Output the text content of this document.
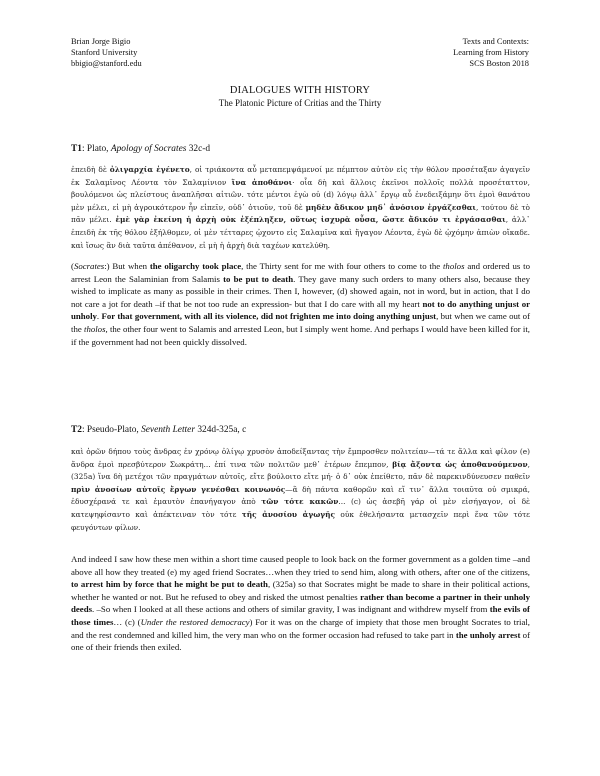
Brian Jorge Bigio
Stanford University
bbigio@stanford.edu
Texts and Contexts:
Learning from History
SCS Boston 2018
DIALOGUES WITH HISTORY
The Platonic Picture of Critias and the Thirty
T1: Plato, Apology of Socrates 32c-d
ἐπειδὴ δὲ ὀλιγαρχία ἐγένετο, οἱ τριάκοντα αὖ μεταπεμψάμενοί με πέμπτον αὐτὸν εἰς τὴν θόλον προσέταξαν ἀγαγεῖν ἐκ Σαλαμῖνος Λέοντα τὸν Σαλαμίνιον ἵνα ἀποθάνοι· οἷα δὴ καὶ ἄλλοις ἐκεῖνοι πολλοῖς πολλὰ προσέταττον, βουλόμενοι ὡς πλείστους ἀναπλῆσαι αἰτιῶν. τότε μέντοι ἐγὼ οὐ (d) λόγῳ ἀλλ᾽ ἔργῳ αὖ ἐνεδειξάμην ὅτι ἐμοὶ θανάτου μὲν μέλει, εἰ μὴ ἀγροικότερον ἦν εἰπεῖν, οὐδ᾽ ὁτιοῦν, τοῦ δὲ μηδὲν ἄδικον μηδ᾽ ἀνόσιον ἐργάζεσθαι, τούτου δὲ τὸ πᾶν μέλει. ἐμὲ γὰρ ἐκείνη ἡ ἀρχὴ οὐκ ἐξέπληξεν, οὕτως ἰσχυρὰ οὖσα, ὥστε ἄδικόν τι ἐργάσασθαι, ἀλλ᾽ ἐπειδὴ ἐκ τῆς θόλου ἐξήλθομεν, οἱ μὲν τέτταρες ᾠχοντο εἰς Σαλαμῖνα καὶ ἤγαγον Λέοντα, ἐγὼ δὲ ᾠχόμην ἀπιὼν οἴκαδε. καὶ ἴσως ἂν διὰ ταῦτα ἀπέθανον, εἰ μὴ ἡ ἀρχὴ διὰ ταχέων κατελύθη.
(Socrates:) But when the oligarchy took place, the Thirty sent for me with four others to come to the tholos and ordered us to arrest Leon the Salaminian from Salamis to be put to death. They gave many such orders to many others also, because they wished to implicate as many as possible in their crimes. Then I, however, (d) showed again, not in word, but in action, that I do not care a jot for death –if that be not too rude an expression- but that I do care with all my heart not to do anything unjust or unholy. For that government, with all its violence, did not frighten me into doing anything unjust, but when we came out of the tholos, the other four went to Salamis and arrested Leon, but I simply went home. And perhaps I would have been killed for it, if the government had not been quickly dissolved.
T2: Pseudo-Plato, Seventh Letter 324d-325a, c
καὶ ὁρῶν δήπου τοὺς ἄνδρας ἐν χρόνῳ ὀλίγῳ χρυσὸν ἀποδείξαντας τὴν ἔμπροσθεν πολιτείαν—τά τε ἄλλα καὶ φίλον (e) ἄνδρα ἐμοὶ πρεσβύτερον Σωκράτη... ἐπί τινα τῶν πολιτῶν μεθ᾽ ἑτέρων ἔπεμπον, βίᾳ ἄξοντα ὡς ἀποθανούμενον, (325a) ἵνα δὴ μετέχοι τῶν πραγμάτων αὐτοῖς, εἴτε βούλοιτο εἴτε μή· ὁ δ᾽ οὐκ ἐπείθετο, πᾶν δὲ παρεκινδύνευσεν παθεῖν πρὶν ἀνοσίων αὐτοῖς ἔργων γενέσθαι κοινωνός—ἃ δὴ πάντα καθορῶν καὶ εἴ τιν᾽ ἄλλα τοιαῦτα οὐ σμικρά, ἐδυσχέρανά τε καὶ ἐμαυτὸν ἐπανήγαγον ἀπὸ τῶν τότε κακῶν... (c) ὡς ἀσεβῆ γάρ οἱ μὲν εἰσήγαγον, οἱ δὲ κατεψηφίσαντο καὶ ἀπέκτειναν τὸν τότε τῆς ἀνοσίου ἀγωγῆς οὐκ ἐθελήσαντα μετασχεῖν περὶ ἕνα τῶν τότε φευγόντων φίλων.
And indeed I saw how these men within a short time caused people to look back on the former government as a golden time –and above all how they treated (e) my aged friend Socrates…when they tried to send him, along with others, after one of the citizens, to arrest him by force that he might be put to death, (325a) so that Socrates might be made to share in their political actions, whether he wanted or not. But he refused to obey and risked the utmost penalties rather than become a partner in their unholy deeds. –So when I looked at all these actions and others of similar gravity, I was indignant and withdrew myself from the evils of those times… (c) (Under the restored democracy) For it was on the charge of impiety that those men brought Socrates to trial, and the rest condemned and killed him, the very man who on the former occasion had refused to take part in the unholy arrest of one of their friends then exiled.
